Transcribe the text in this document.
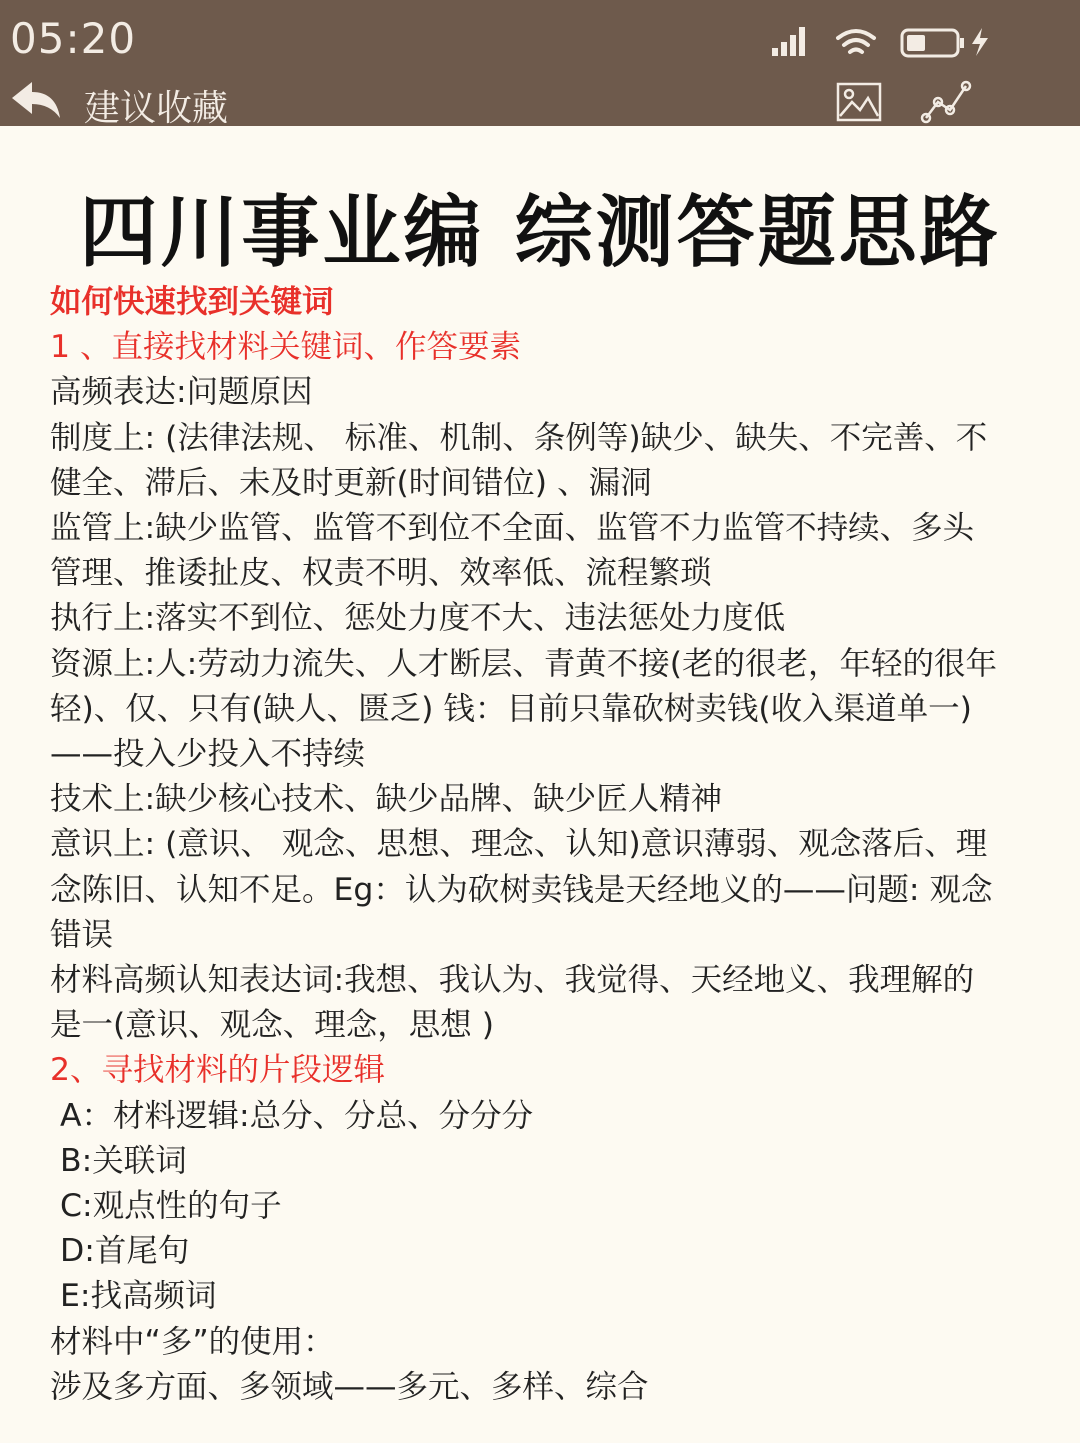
05:20
建议收藏
四川事业编 综测答题思路
如何快速找到关键词
1 、直接找材料关键词、作答要素
高频表达:问题原因
制度上: (法律法规、 标准、机制、条例等)缺少、缺失、不完善、不
健全、滞后、未及时更新(时间错位) 、漏洞
监管上:缺少监管、监管不到位不全面、监管不力监管不持续、多头
管理、推诿扯皮、权责不明、效率低、流程繁琐
执行上:落实不到位、惩处力度不大、违法惩处力度低
资源上:人:劳动力流失、人才断层、青黄不接(老的很老，年轻的很年
轻)、仅、只有(缺人、匮乏) 钱：目前只靠砍树卖钱(收入渠道单一)
——投入少投入不持续
技术上:缺少核心技术、缺少品牌、缺少匠人精神
意识上: (意识、 观念、思想、理念、认知)意识薄弱、观念落后、理
念陈旧、认知不足。Eg：认为砍树卖钱是天经地义的——问题: 观念
错误
材料高频认知表达词:我想、我认为、我觉得、天经地义、我理解的
是一(意识、观念、理念，思想 )
2、寻找材料的片段逻辑
A：材料逻辑:总分、分总、分分分
B:关联词
C:观点性的句子
D:首尾句
E:找高频词
材料中“多”的使用：
涉及多方面、多领域——多元、多样、综合
